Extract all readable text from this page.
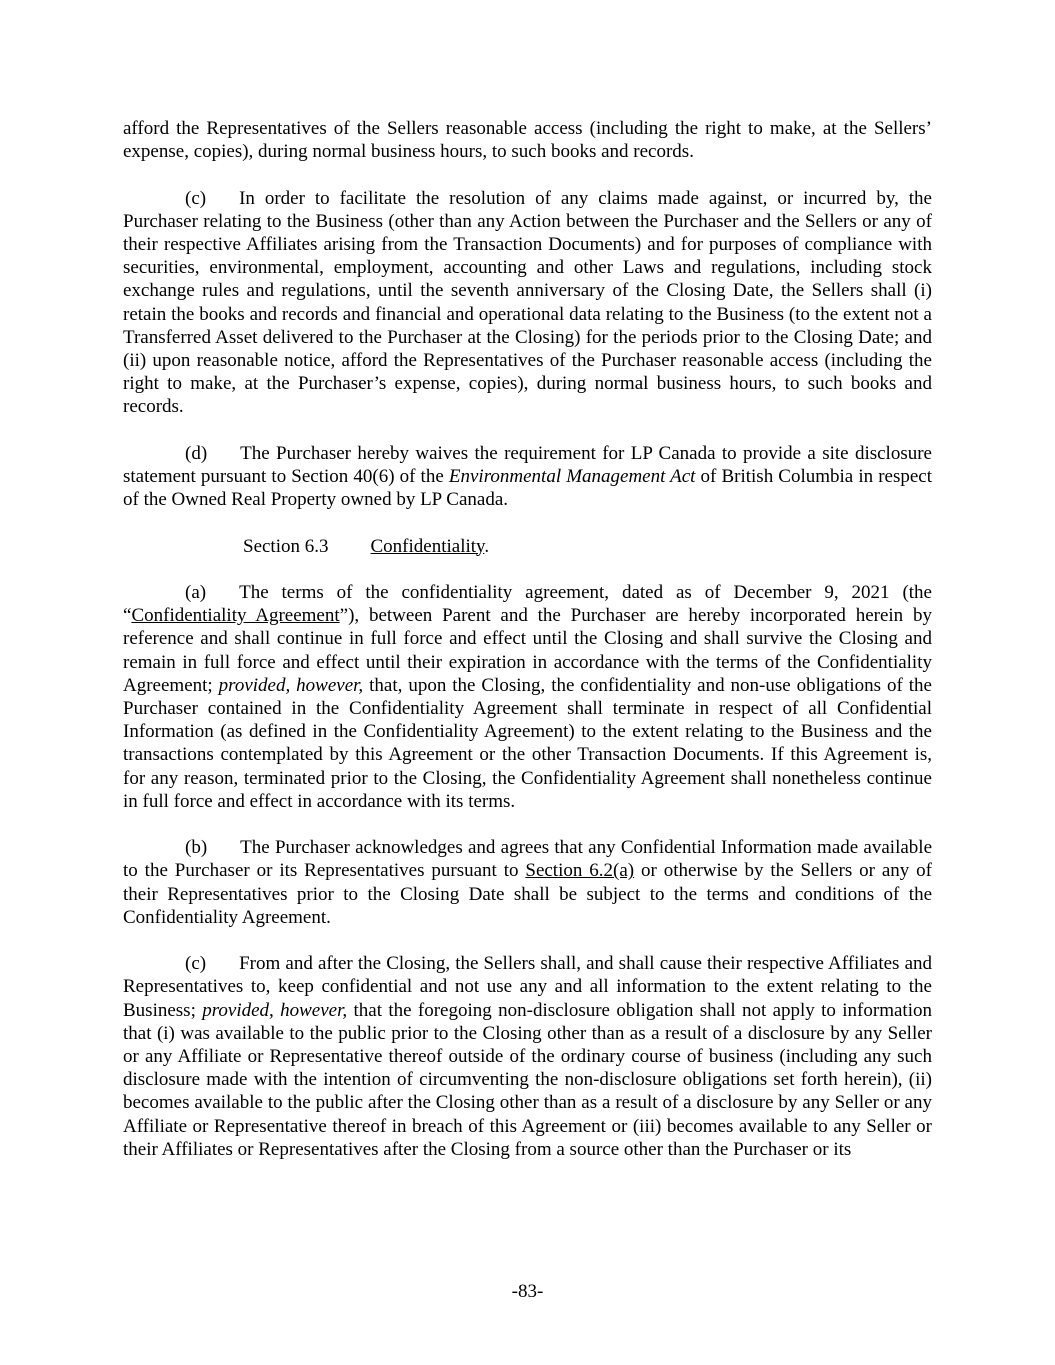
afford the Representatives of the Sellers reasonable access (including the right to make, at the Sellers’ expense, copies), during normal business hours, to such books and records.

(c) In order to facilitate the resolution of any claims made against, or incurred by, the Purchaser relating to the Business (other than any Action between the Purchaser and the Sellers or any of their respective Affiliates arising from the Transaction Documents) and for purposes of compliance with securities, environmental, employment, accounting and other Laws and regulations, including stock exchange rules and regulations, until the seventh anniversary of the Closing Date, the Sellers shall (i) retain the books and records and financial and operational data relating to the Business (to the extent not a Transferred Asset delivered to the Purchaser at the Closing) for the periods prior to the Closing Date; and (ii) upon reasonable notice, afford the Representatives of the Purchaser reasonable access (including the right to make, at the Purchaser’s expense, copies), during normal business hours, to such books and records.

(d) The Purchaser hereby waives the requirement for LP Canada to provide a site disclosure statement pursuant to Section 40(6) of the Environmental Management Act of British Columbia in respect of the Owned Real Property owned by LP Canada.

Section 6.3 Confidentiality.

(a) The terms of the confidentiality agreement, dated as of December 9, 2021 (the “Confidentiality Agreement”), between Parent and the Purchaser are hereby incorporated herein by reference and shall continue in full force and effect until the Closing and shall survive the Closing and remain in full force and effect until their expiration in accordance with the terms of the Confidentiality Agreement; provided, however, that, upon the Closing, the confidentiality and non-use obligations of the Purchaser contained in the Confidentiality Agreement shall terminate in respect of all Confidential Information (as defined in the Confidentiality Agreement) to the extent relating to the Business and the transactions contemplated by this Agreement or the other Transaction Documents. If this Agreement is, for any reason, terminated prior to the Closing, the Confidentiality Agreement shall nonetheless continue in full force and effect in accordance with its terms.

(b) The Purchaser acknowledges and agrees that any Confidential Information made available to the Purchaser or its Representatives pursuant to Section 6.2(a) or otherwise by the Sellers or any of their Representatives prior to the Closing Date shall be subject to the terms and conditions of the Confidentiality Agreement.

(c) From and after the Closing, the Sellers shall, and shall cause their respective Affiliates and Representatives to, keep confidential and not use any and all information to the extent relating to the Business; provided, however, that the foregoing non-disclosure obligation shall not apply to information that (i) was available to the public prior to the Closing other than as a result of a disclosure by any Seller or any Affiliate or Representative thereof outside of the ordinary course of business (including any such disclosure made with the intention of circumventing the non-disclosure obligations set forth herein), (ii) becomes available to the public after the Closing other than as a result of a disclosure by any Seller or any Affiliate or Representative thereof in breach of this Agreement or (iii) becomes available to any Seller or their Affiliates or Representatives after the Closing from a source other than the Purchaser or its

-83-
